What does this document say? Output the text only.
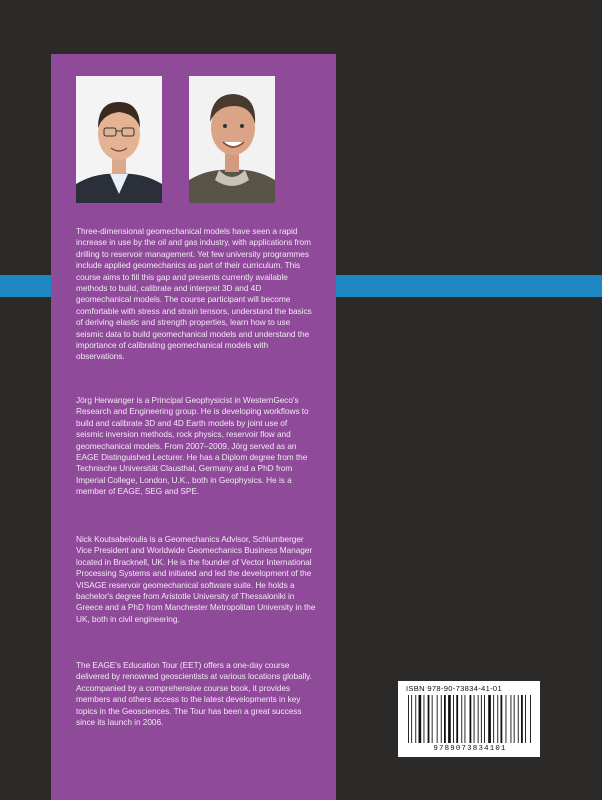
Three-dimensional geomechanical models have seen a rapid increase in use by the oil and gas industry, with applications from drilling to reservoir management. Yet few university programmes include applied geomechanics as part of their curriculum. This course aims to fill this gap and presents currently available methods to build, calibrate and interpret 3D and 4D geomechanical models. The course participant will become comfortable with stress and strain tensors, understand the basics of deriving elastic and strength properties, learn how to use seismic data to build geomechanical models and understand the importance of calibrating geomechanical models with observations.

Jörg Herwanger is a Principal Geophysicist in WesternGeco's Research and Engineering group. He is developing workflows to build and calibrate 3D and 4D Earth models by joint use of seismic inversion methods, rock physics, reservoir flow and geomechanical models. From 2007–2009, Jörg served as an EAGE Distinguished Lecturer. He has a Diplom degree from the Technische Universität Clausthal, Germany and a PhD from Imperial College, London, U.K., both in Geophysics. He is a member of EAGE, SEG and SPE.

Nick Koutsabeloulis is a Geomechanics Advisor, Schlumberger Vice President and Worldwide Geomechanics Business Manager located in Bracknell, UK. He is the founder of Vector International Processing Systems and initiated and led the development of the VISAGE reservoir geomechanical software suite. He holds a bachelor's degree from Aristotle University of Thessaloniki in Greece and a PhD from Manchester Metropolitan University in the UK, both in civil engineering.

The EAGE's Education Tour (EET) offers a one-day course delivered by renowned geoscientists at various locations globally. Accompanied by a comprehensive course book, it provides members and others access to the latest developments in key topics in the Geosciences. The Tour has been a great success since its launch in 2006.

ISBN 978-90-73834-41-01
9789073834101
